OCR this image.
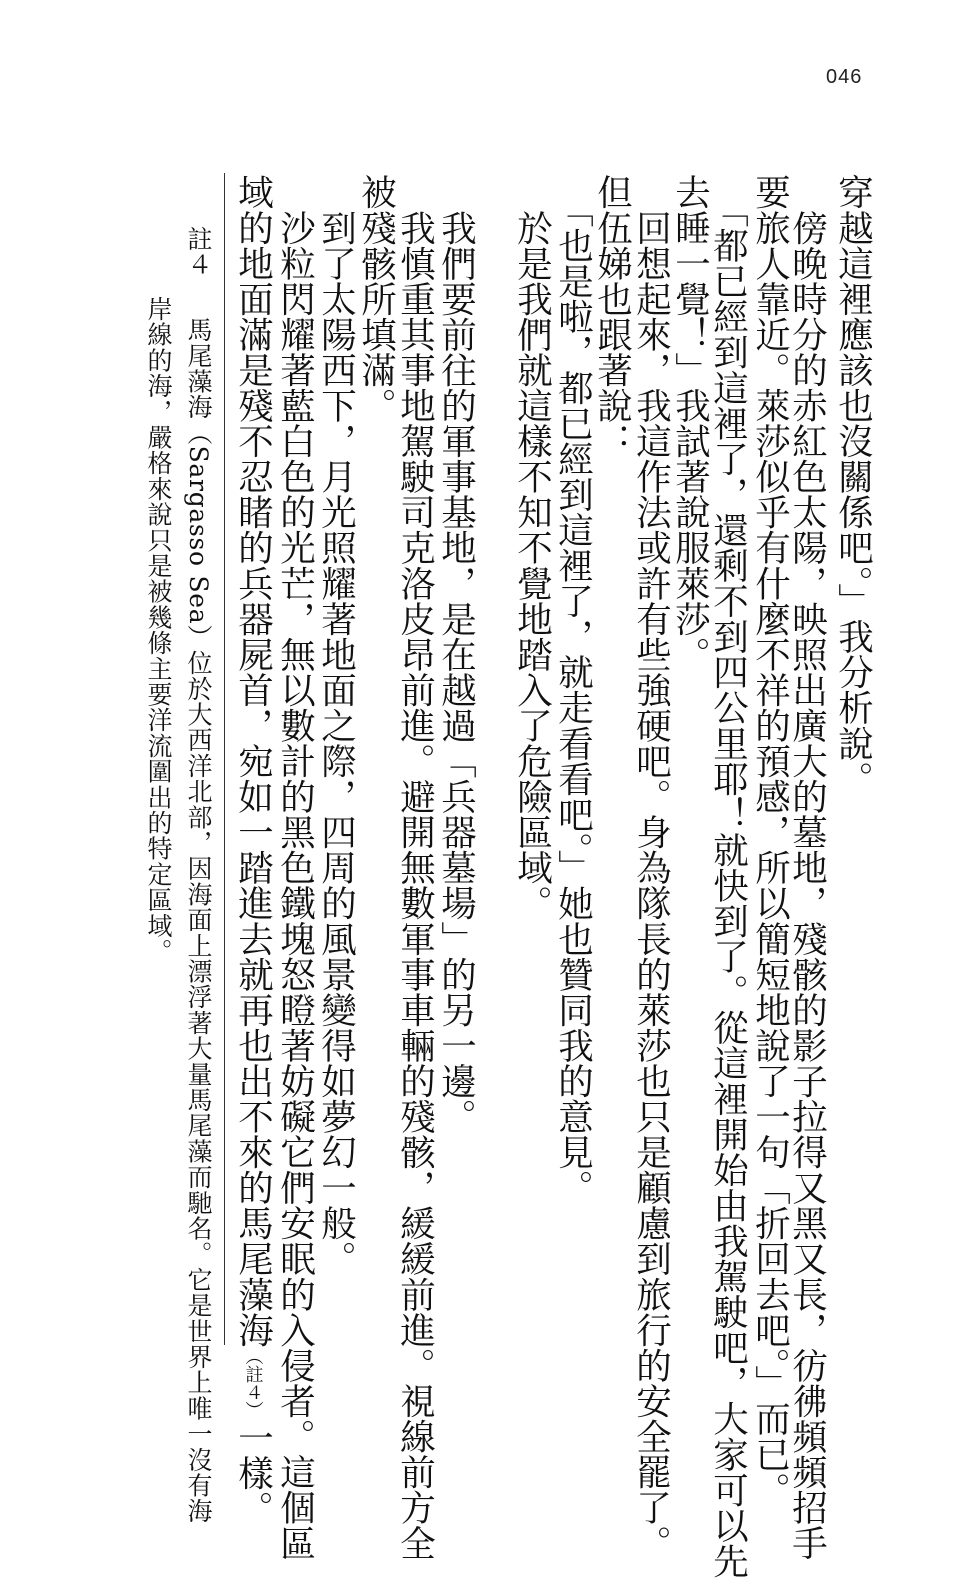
046
穿越這裡應該也沒關係吧。」我分析說。
　傍晚時分的赤紅色太陽，映照出廣大的墓地，殘骸的影子拉得又黑又長，彷彿頻頻招手
要旅人靠近。萊莎似乎有什麼不祥的預感，所以簡短地說了一句「折回去吧。」而已。
　「都已經到這裡了，還剩不到四公里耶！就快到了。從這裡開始由我駕駛吧，大家可以先
去睡一覺！」我試著說服萊莎。
　回想起來，我這作法或許有些強硬吧。身為隊長的萊莎也只是顧慮到旅行的安全罷了。
但伍娣也跟著說：
　「也是啦，都已經到這裡了，就走看看吧。」她也贊同我的意見。
　於是我們就這樣不知不覺地踏入了危險區域。
　我們要前往的軍事基地，是在越過「兵器墓場」的另一邊。
　我慎重其事地駕駛司克洛皮昂前進。避開無數軍事車輛的殘骸，緩緩前進。視線前方全
被殘骸所填滿。
　到了太陽西下，月光照耀著地面之際，四周的風景變得如夢幻一般。
　沙粒閃耀著藍白色的光芒，無以數計的黑色鐵塊怒瞪著妨礙它們安眠的入侵者。這個區
域的地面滿是殘不忍睹的兵器屍首，宛如一踏進去就再也出不來的馬尾藻海（註４）一樣。
註４　馬尾藻海（Sargasso Sea）位於大西洋北部，因海面上漂浮著大量馬尾藻而馳名。它是世界上唯一沒有海
岸線的海，嚴格來說只是被幾條主要洋流圍出的特定區域。
